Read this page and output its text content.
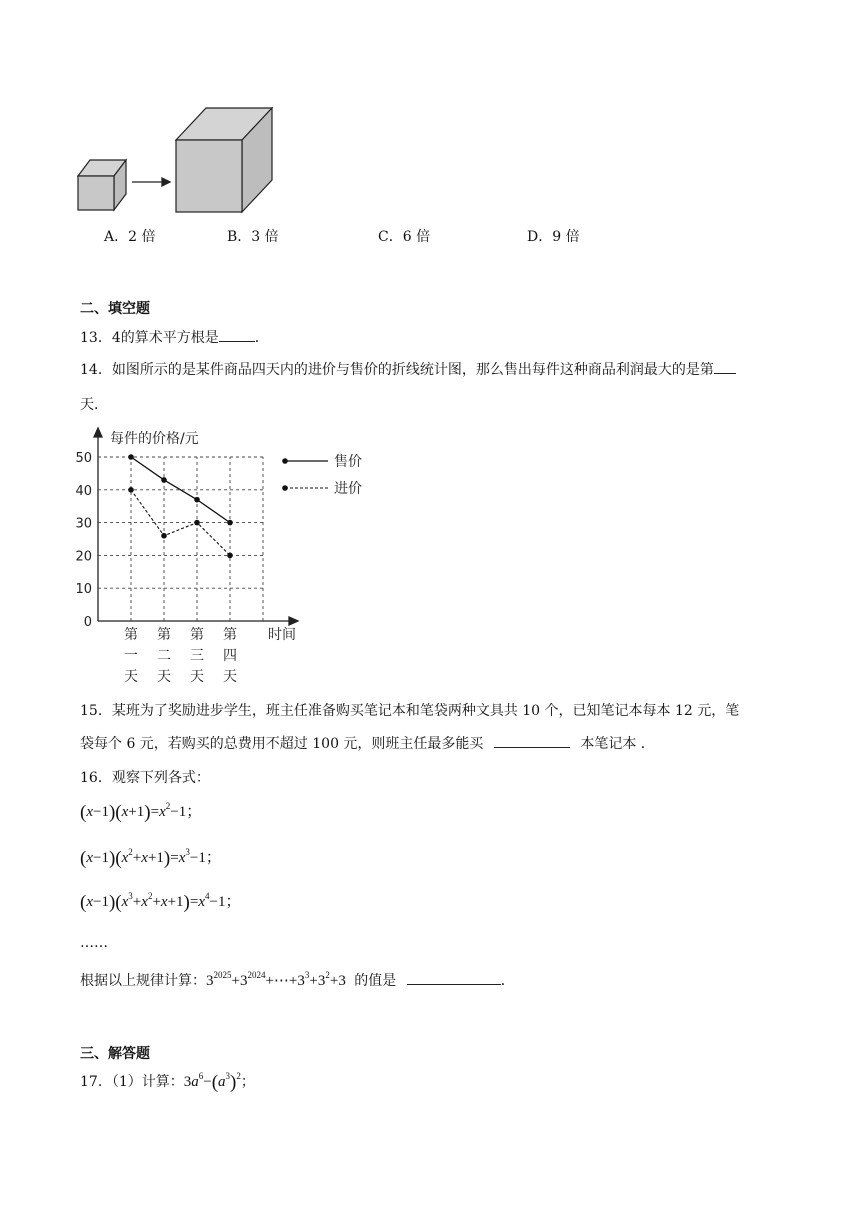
A．2 倍	B．3 倍	C．6 倍	D．9 倍
二、填空题
13．4的算术平方根是	．
14．如图所示的是某件商品四天内的进价与售价的折线统计图，那么售出每件这种商品利润最大的是第
天．
每件的价格/元
时间
50
40
30
20
10
0
第
一
天
第
二
天
第
三
天
第
四
天
售价
进价
15．某班为了奖励进步学生，班主任准备购买笔记本和笔袋两种文具共 10 个，已知笔记本每本 12 元，笔
袋每个 6 元，若购买的总费用不超过 100 元，则班主任最多能买	本笔记本 ．
16．观察下列各式：
$(x-1)(x+1)=x^2-1$；
$(x-1)(x^2+x+1)=x^3-1$；
$(x-1)(x^3+x^2+x+1)=x^4-1$；
……
根据以上规律计算：$3^{2025}+3^{2024}+\cdots+3^3+3^2+3$ 的值是	．
三、解答题
17．（1）计算：$3a^6-(a^3)^2$；
